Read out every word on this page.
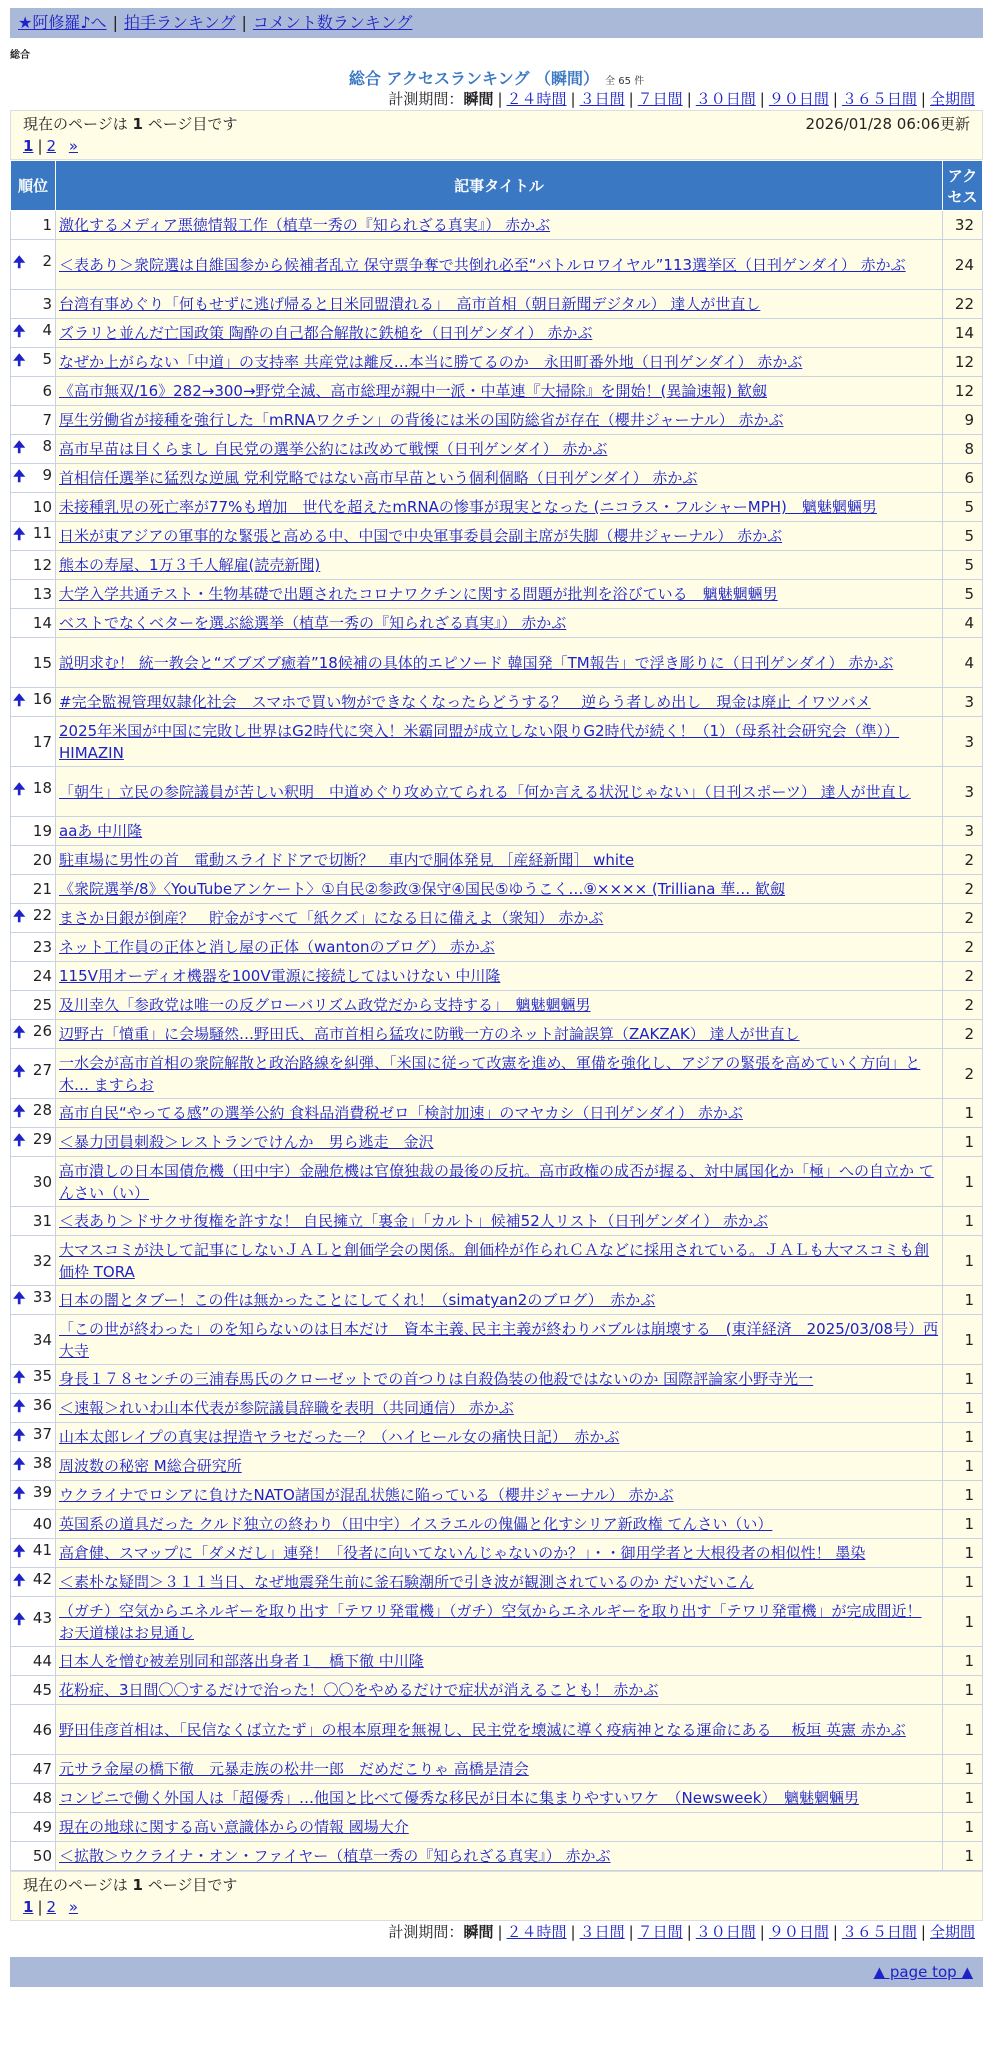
★阿修羅♪へ | 拍手ランキング | コメント数ランキング
総合
総合 アクセスランキング （瞬間） 全 65 件
計測期間：瞬間 | ２４時間 | ３日間 | ７日間 | ３０日間 | ９０日間 | ３６５日間 | 全期間
現在のページは 1 ページ目です	2026/01/28 06:06更新
1 | 2 »
順位	記事タイトル	アクセス
1	激化するメディア悪徳情報工作（植草一秀の『知られざる真実』） 赤かぶ	32

🠉 2	＜表あり＞衆院選は自維国参から候補者乱立 保守票争奪で共倒れ必至“バトルロワイヤル”113選挙区（日刊ゲンダイ） 赤かぶ	24
3	台湾有事めぐり「何もせずに逃げ帰ると日米同盟潰れる」　高市首相（朝日新聞デジタル） 達人が世直し	22

🠉 4	ズラリと並んだ亡国政策 陶酔の自己都合解散に鉄槌を（日刊ゲンダイ） 赤かぶ	14

🠉 5	なぜか上がらない「中道」の支持率 共産党は離反…本当に勝てるのか　永田町番外地（日刊ゲンダイ） 赤かぶ	12
6	《高市無双/16》282→300→野党全滅、高市総理が親中一派・中革連『大掃除』を開始！(異論速報) 歓劔	12
7	厚生労働省が接種を強行した「mRNAワクチン」の背後には米の国防総省が存在（櫻井ジャーナル） 赤かぶ	9

🠉 8	高市早苗は目くらまし 自民党の選挙公約には改めて戦慄（日刊ゲンダイ） 赤かぶ	8

🠉 9	首相信任選挙に猛烈な逆風 党利党略ではない高市早苗という個利個略（日刊ゲンダイ） 赤かぶ	6
10	未接種乳児の死亡率が77%も増加　世代を超えたmRNAの惨事が現実となった (ニコラス・フルシャーMPH)　魑魅魍魎男	5

🠉 11	日米が東アジアの軍事的な緊張と高める中、中国で中央軍事委員会副主席が失脚（櫻井ジャーナル） 赤かぶ	5
12	熊本の寿屋、1万３千人解雇(読売新聞)	5
13	大学入学共通テスト・生物基礎で出題されたコロナワクチンに関する問題が批判を浴びている　魑魅魍魎男	5
14	ベストでなくベターを選ぶ総選挙（植草一秀の『知られざる真実』） 赤かぶ	4
15	説明求む！ 統一教会と“ズブズブ癒着”18候補の具体的エピソード 韓国発「TM報告」で浮き彫りに（日刊ゲンダイ） 赤かぶ	4

🠉 16	#完全監視管理奴隷化社会　スマホで買い物ができなくなったらどうする？　逆らう者しめ出し　現金は廃止 イワツバメ	3
17	2025年米国が中国に完敗し世界はG2時代に突入！米霸同盟が成立しない限りG2時代が続く！（1）（母系社会研究会（準））HIMAZIN	3

🠉 18	「朝生」立民の参院議員が苦しい釈明　中道めぐり攻め立てられる「何か言える状況じゃない」（日刊スポーツ） 達人が世直し	3
19	aaあ 中川隆	3
20	駐車場に男性の首　電動スライドドアで切断？　車内で胴体発見 ［産経新聞］ white	2
21	《衆院選挙/8》〈YouTubeアンケート〉①自民②参政③保守④国民⑤ゆうこく…⑨×××× (Trilliana 華… 歓劔	2

🠉 22	まさか日銀が倒産？　貯金がすべて「紙クズ」になる日に備えよ（衆知） 赤かぶ	2
23	ネット工作員の正体と消し屋の正体（wantonのブログ） 赤かぶ	2
24	115V用オーディオ機器を100V電源に接続してはいけない 中川隆	2
25	及川幸久「参政党は唯一の反グローバリズム政党だから支持する」　魑魅魍魎男	2

🠉 26	辺野古「憤重」に会場騒然…野田氏、高市首相ら猛攻に防戦一方のネット討論誤算（ZAKZAK） 達人が世直し	2

🠉 27	一水会が高市首相の衆院解散と政治路線を糾弾、「米国に従って改憲を進め、軍備を強化し、アジアの緊張を高めていく方向」と木… ますらお	2

🠉 28	高市自民“やってる感”の選挙公約 食料品消費税ゼロ「検討加速」のマヤカシ（日刊ゲンダイ） 赤かぶ	1

🠉 29	＜暴力団員刺殺＞レストランでけんか　男ら逃走　金沢	1
30	高市潰しの日本国債危機（田中宇）金融危機は官僚独裁の最後の反抗。高市政権の成否が握る、対中属国化か「極」への自立か てんさい（い）	1
31	＜表あり＞ドサクサ復権を許すな！ 自民擁立「裏金」「カルト」候補52人リスト（日刊ゲンダイ） 赤かぶ	1
32	大マスコミが決して記事にしないＪＡＬと創価学会の関係。創価枠が作られＣＡなどに採用されている。ＪＡＬも大マスコミも創価枠 TORA	1

🠉 33	日本の闇とタブー！この件は無かったことにしてくれ！（simatyan2のブログ）　赤かぶ	1
34	「この世が終わった」のを知らないのは日本だけ　資本主義､民主主義が終わりバブルは崩壊する　(東洋経済　2025/03/08号）西大寺	1

🠉 35	身長１７８センチの三浦春馬氏のクローゼットでの首つりは自殺偽装の他殺ではないのか 国際評論家小野寺光一	1

🠉 36	＜速報＞れいわ山本代表が参院議員辞職を表明（共同通信） 赤かぶ	1

🠉 37	山本太郎レイプの真実は捏造ヤラセだった－？（ハイヒール女の痛快日記）　赤かぶ	1

🠉 38	周波数の秘密 M総合研究所	1

🠉 39	ウクライナでロシアに負けたNATO諸国が混乱状態に陥っている（櫻井ジャーナル） 赤かぶ	1
40	英国系の道具だった クルド独立の終わり（田中宇）イスラエルの傀儡と化すシリア新政権 てんさい（い）	1

🠉 41	高倉健、スマップに「ダメだし」連発！「役者に向いてないんじゃないのか？」・・御用学者と大根役者の相似性！ 墨染	1

🠉 42	＜素朴な疑問＞３１１当日、なぜ地震発生前に釜石験潮所で引き波が観測されているのか だいだいこん	1

🠉 43	（ガチ）空気からエネルギーを取り出す「テワリ発電機」（ガチ）空気からエネルギーを取り出す「テワリ発電機」が完成間近！ お天道様はお見通し	1
44	日本人を憎む被差別同和部落出身者１＿橋下徹 中川隆	1
45	花粉症、3日間〇〇するだけで治った！〇〇をやめるだけで症状が消えることも！ 赤かぶ	1
46	野田佳彦首相は、「民信なくば立たず」の根本原理を無視し、民主党を壊滅に導く疫病神となる運命にある　 板垣 英憲 赤かぶ	1
47	元サラ金屋の橋下徹　元暴走族の松井一郎　だめだこりゃ 高橋是清会	1
48	コンビニで働く外国人は「超優秀」…他国と比べて優秀な移民が日本に集まりやすいワケ　（Newsweek）　魑魅魍魎男	1
49	現在の地球に関する高い意識体からの情報 國場大介	1
50	＜拡散＞ウクライナ・オン・ファイヤー（植草一秀の『知られざる真実』） 赤かぶ	1
現在のページは 1 ページ目です
1 | 2 »
計測期間：瞬間 | ２４時間 | ３日間 | ７日間 | ３０日間 | ９０日間 | ３６５日間 | 全期間
▲ page top ▲
